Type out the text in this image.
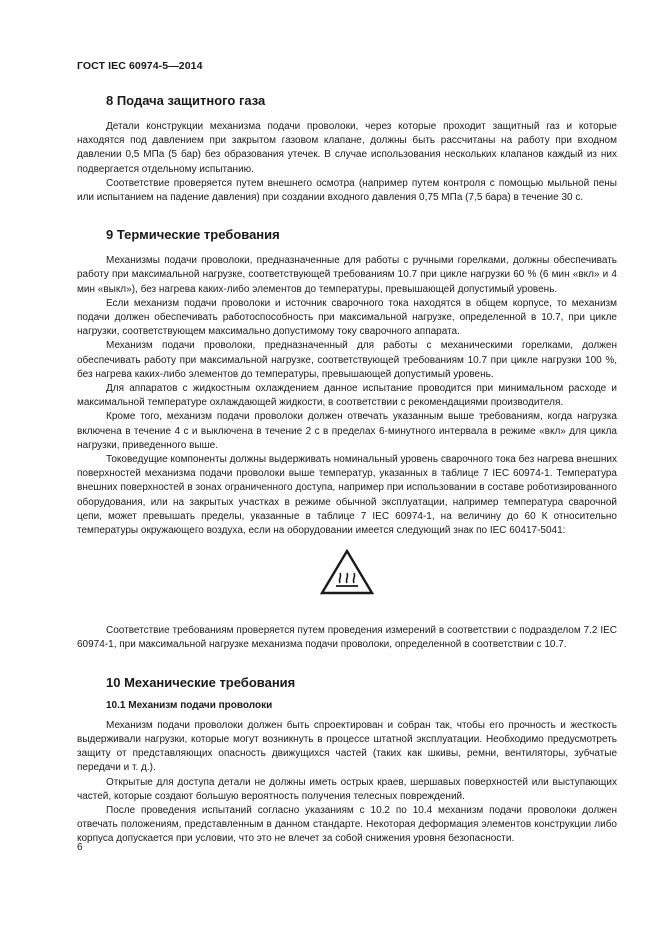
ГОСТ IEC 60974-5—2014
8 Подача защитного газа

Детали конструкции механизма подачи проволоки, через которые проходит защитный газ и которые находятся под давлением при закрытом газовом клапане, должны быть рассчитаны на работу при входном давлении 0,5 МПа (5 бар) без образования утечек. В случае использования нескольких клапанов каждый из них подвергается отдельному испытанию.

Соответствие проверяется путем внешнего осмотра (например путем контроля с помощью мыльной пены или испытанием на падение давления) при создании входного давления 0,75 МПа (7,5 бара) в течение 30 с.

9 Термические требования

Механизмы подачи проволоки, предназначенные для работы с ручными горелками, должны обеспечивать работу при максимальной нагрузке, соответствующей требованиям 10.7 при цикле нагрузки 60 % (6 мин «вкл» и 4 мин «выкл»), без нагрева каких-либо элементов до температуры, превышающей допустимый уровень.

Если механизм подачи проволоки и источник сварочного тока находятся в общем корпусе, то механизм подачи должен обеспечивать работоспособность при максимальной нагрузке, определенной в 10.7, при цикле нагрузки, соответствующем максимально допустимому току сварочного аппарата.

Механизм подачи проволоки, предназначенный для работы с механическими горелками, должен обеспечивать работу при максимальной нагрузке, соответствующей требованиям 10.7 при цикле нагрузки 100 %, без нагрева каких-либо элементов до температуры, превышающей допустимый уровень.

Для аппаратов с жидкостным охлаждением данное испытание проводится при минимальном расходе и максимальной температуре охлаждающей жидкости, в соответствии с рекомендациями производителя.

Кроме того, механизм подачи проволоки должен отвечать указанным выше требованиям, когда нагрузка включена в течение 4 с и выключена в течение 2 с в пределах 6-минутного интервала в режиме «вкл» для цикла нагрузки, приведенного выше.

Токоведущие компоненты должны выдерживать номинальный уровень сварочного тока без нагрева внешних поверхностей механизма подачи проволоки выше температур, указанных в таблице 7 IEC 60974-1. Температура внешних поверхностей в зонах ограниченного доступа, например при использовании в составе роботизированного оборудования, или на закрытых участках в режиме обычной эксплуатации, например температура сварочной цепи, может превышать пределы, указанные в таблице 7 IEC 60974-1, на величину до 60 К относительно температуры окружающего воздуха, если на оборудовании имеется следующий знак по IEC 60417-5041:

Соответствие требованиям проверяется путем проведения измерений в соответствии с подразделом 7.2 IEC 60974-1, при максимальной нагрузке механизма подачи проволоки, определенной в соответствии с 10.7.

10 Механические требования
10.1 Механизм подачи проволоки

Механизм подачи проволоки должен быть спроектирован и собран так, чтобы его прочность и жесткость выдерживали нагрузки, которые могут возникнуть в процессе штатной эксплуатации. Необходимо предусмотреть защиту от представляющих опасность движущихся частей (таких как шкивы, ремни, вентиляторы, зубчатые передачи и т. д.).

Открытые для доступа детали не должны иметь острых краев, шершавых поверхностей или выступающих частей, которые создают большую вероятность получения телесных повреждений.

После проведения испытаний согласно указаниям с 10.2 по 10.4 механизм подачи проволоки должен отвечать положениям, представленным в данном стандарте. Некоторая деформация элементов конструкции либо корпуса допускается при условии, что это не влечет за собой снижения уровня безопасности.

6
